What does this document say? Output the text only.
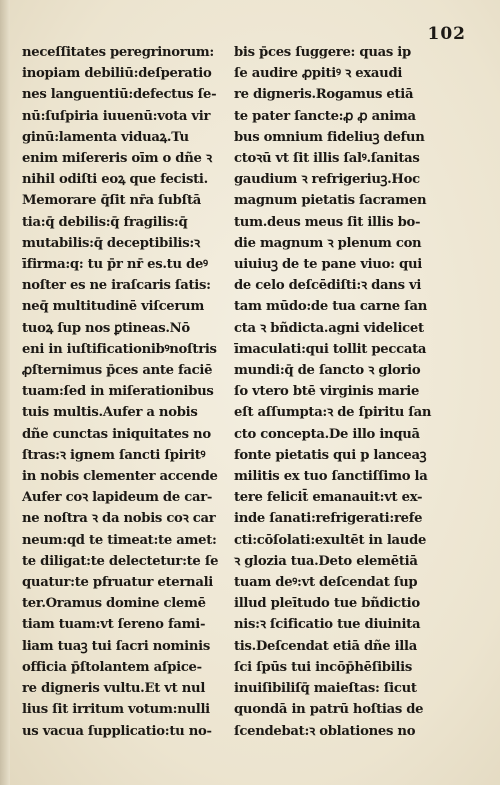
102
neceſſitates peregrinorum:
inopiam debiliū:deſperatio
nes languentiū:defectus ſe-
nū:ſuſpiria iuuenū:vota vir
ginū:lamenta viduaꝝ.Tu
enim miſereris oīm o dñe ꝛ
nihil odiſti eoꝝ que fecisti.
Memorare q̄ſit nr̄a ſubſtā
tia:q̄ debilis:q̄ fragilis:q̄
mutabilis:q̄ deceptibilis:ꝛ
īfirma:q: tu p̄r nr̄ es.tu deꝰ
noſter es ne iraſcaris ſatis:
neq̄ multitudinē viſcerum
tuoꝝ ſup nos ꝑtineas.Nō
eni in iuſtificationibꝰnoſtris
ꝓſternimus p̄ces ante faciē
tuam:ſed in miſerationibus
tuis multis.Aufer a nobis
dñe cunctas iniquitates no
ſtras:ꝛ ignem ſancti ſpiritꝰ
in nobis clementer accende
Aufer coꝛ lapideum de car-
ne noſtra ꝛ da nobis coꝛ car
neum:qd te timeat:te amet:
te diligat:te delectetur:te ſe
quatur:te pfruatur eternali
ter.Oramus domine clemē
tiam tuam:vt ſereno fami-
liam tuaꝫ tui ſacri nominis
officia p̄ſtolantem aſpice-
re digneris vultu.Et vt nul
lius ſit irritum votum:nulli
us vacua ſupplicatio:tu no-
bis p̄ces ſuggere: quas ip
ſe audire ꝓpitiꝰ ꝛ exaudi
re digneris.Rogamus etiā
te pater ſancte:ꝓ ꝓ anima
bus omnium fideliuꝫ defun
ctoꝛū vt ſit illis ſalꝰ.ſanitas
gaudium ꝛ refrigeriuꝫ.Hoc
magnum pietatis ſacramen
tum.deus meus ſit illis bo-
die magnum ꝛ plenum con
uiuiuꝫ de te pane viuo: qui
de celo deſcēdiſti:ꝛ dans vi
tam mūdo:de tua carne ſan
cta ꝛ bñdicta.agni videlicet
īmaculati:qui tollit peccata
mundi:q̄ de ſancto ꝛ glorio
ſo vtero btē virginis marie
eſt aſſumpta:ꝛ de ſpiritu ſan
cto concepta.De illo inquā
fonte pietatis qui p lanceaꝫ
militis ex tuo ſanctiſſimo la
tere felicit̄ emanauit:vt ex-
inde ſanati:refrigerati:refe
cti:cōſolati:exultēt in laude
ꝛ glozia tua.Deto elemētiā
tuam deꝰ:vt deſcendat ſup
illud pleītudo tue bñdictio
nis:ꝛ ſcificatio tue diuinita
tis.Deſcendat etiā dñe illa
ſci ſpūs tui incōp̄hēſibilis
inuiſibiliſq̄ maieſtas: ſicut
quondā in patrū hoſtias de
ſcendebat:ꝛ oblationes no
